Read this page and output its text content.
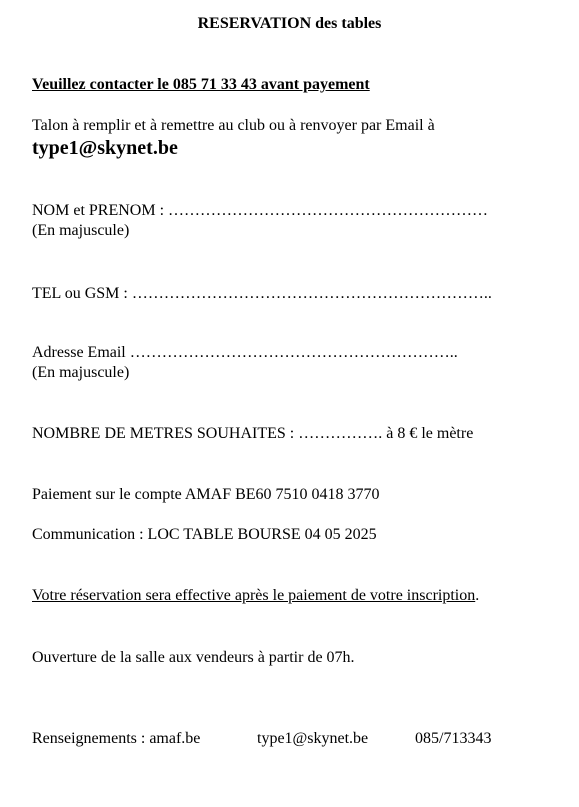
RESERVATION des tables
Veuillez contacter le 085 71 33 43 avant payement
Talon à remplir et à remettre au club ou à renvoyer par Email à
type1@skynet.be
NOM et PRENOM : ……………………………………………………
(En majuscule)
TEL ou GSM : …………………………………………………………..
Adresse Email ……………………………………………………..
(En majuscule)
NOMBRE DE METRES SOUHAITES : ……………. à 8 € le mètre
Paiement sur le compte AMAF BE60 7510 0418 3770
Communication : LOC TABLE BOURSE 04 05 2025
Votre réservation sera effective après le paiement de votre inscription.
Ouverture de la salle aux vendeurs à partir de 07h.
Renseignements : amaf.be	type1@skynet.be	085/713343
